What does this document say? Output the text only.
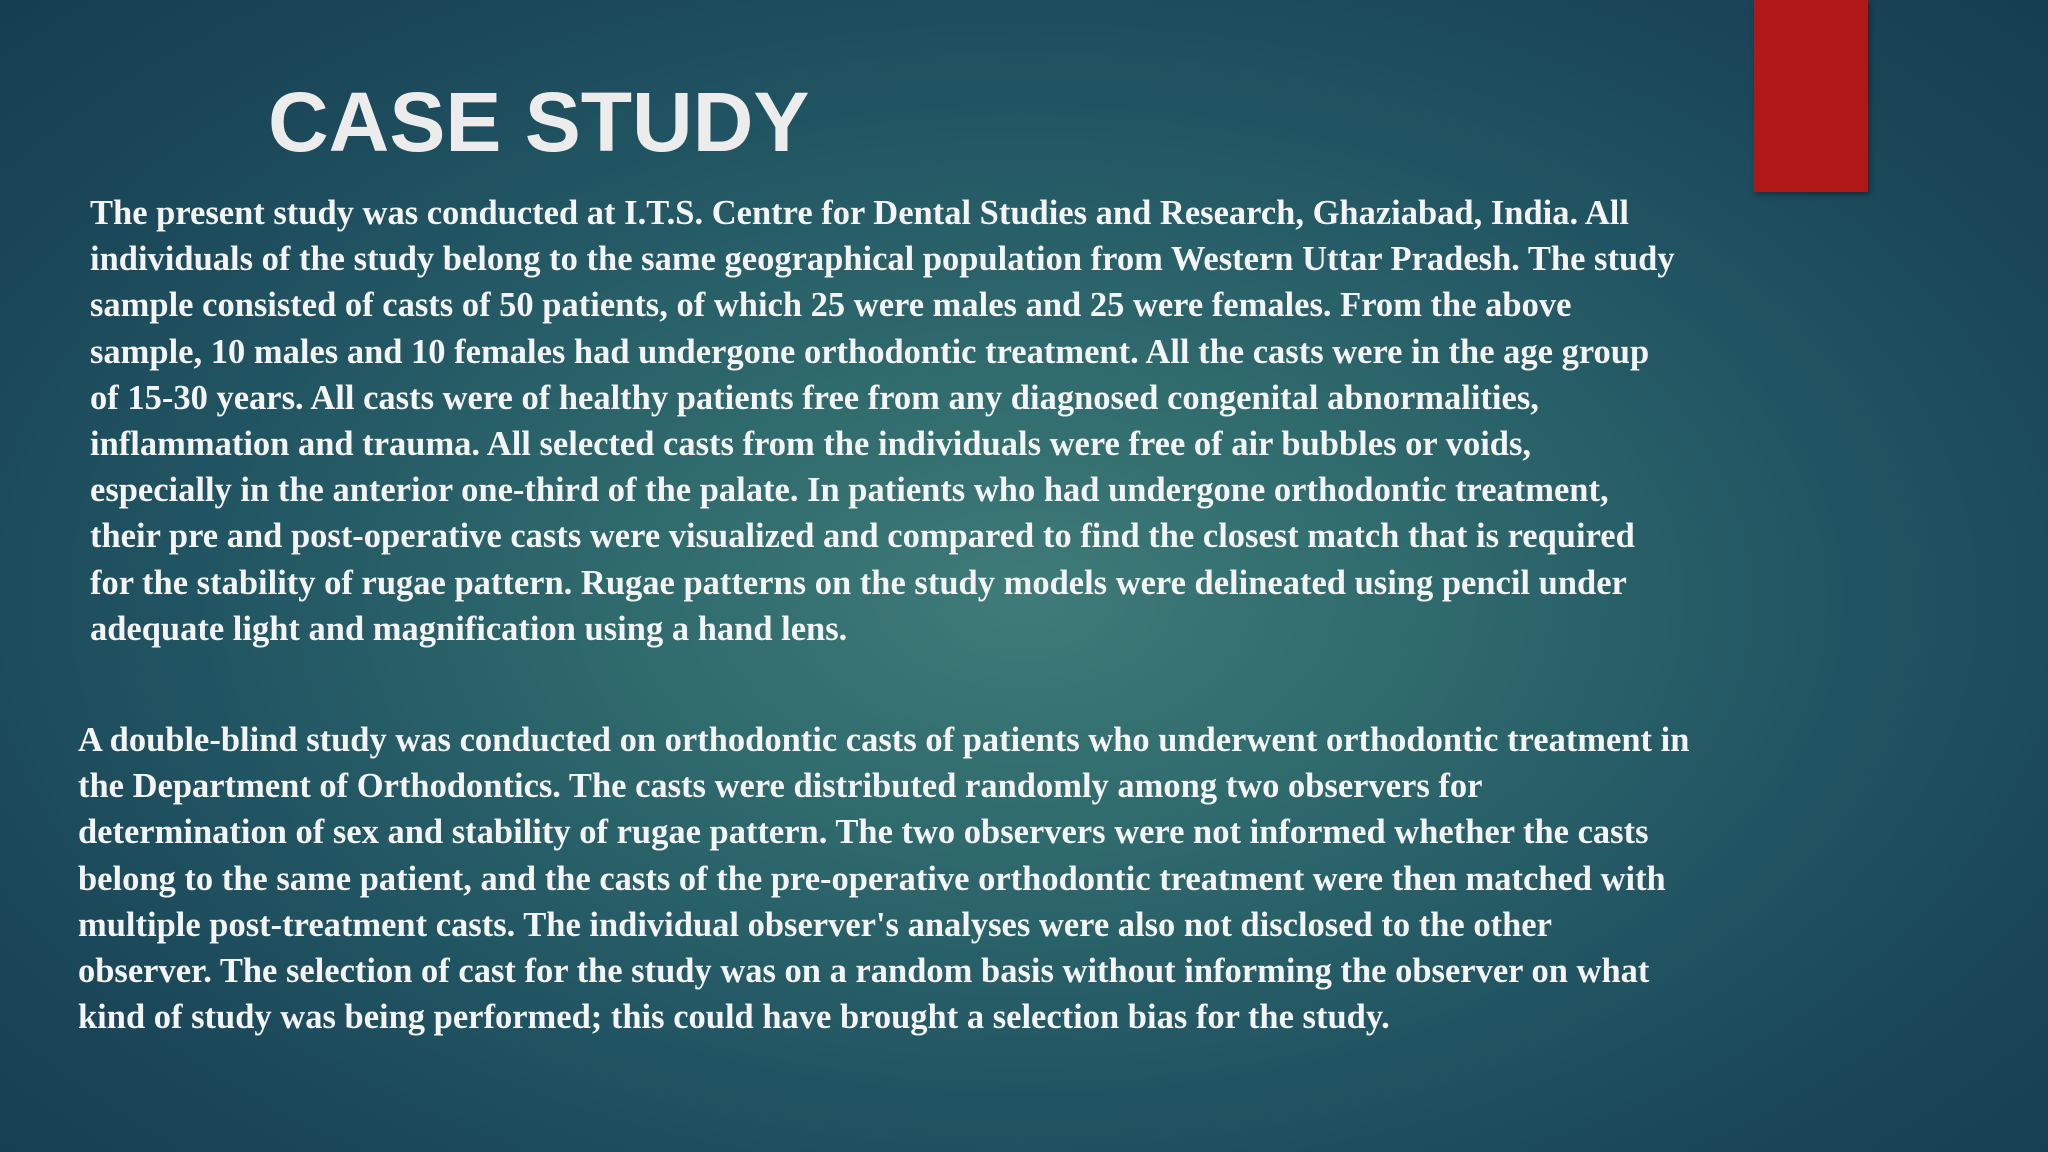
CASE STUDY
The present study was conducted at I.T.S. Centre for Dental Studies and Research, Ghaziabad, India. All
individuals of the study belong to the same geographical population from Western Uttar Pradesh. The study
sample consisted of casts of 50 patients, of which 25 were males and 25 were females. From the above
sample, 10 males and 10 females had undergone orthodontic treatment. All the casts were in the age group
of 15-30 years. All casts were of healthy patients free from any diagnosed congenital abnormalities,
inflammation and trauma. All selected casts from the individuals were free of air bubbles or voids,
especially in the anterior one-third of the palate. In patients who had undergone orthodontic treatment,
their pre and post-operative casts were visualized and compared to find the closest match that is required
for the stability of rugae pattern. Rugae patterns on the study models were delineated using pencil under
adequate light and magnification using a hand lens.
A double-blind study was conducted on orthodontic casts of patients who underwent orthodontic treatment in
the Department of Orthodontics. The casts were distributed randomly among two observers for
determination of sex and stability of rugae pattern. The two observers were not informed whether the casts
belong to the same patient, and the casts of the pre-operative orthodontic treatment were then matched with
multiple post-treatment casts. The individual observer's analyses were also not disclosed to the other
observer. The selection of cast for the study was on a random basis without informing the observer on what
kind of study was being performed; this could have brought a selection bias for the study.
